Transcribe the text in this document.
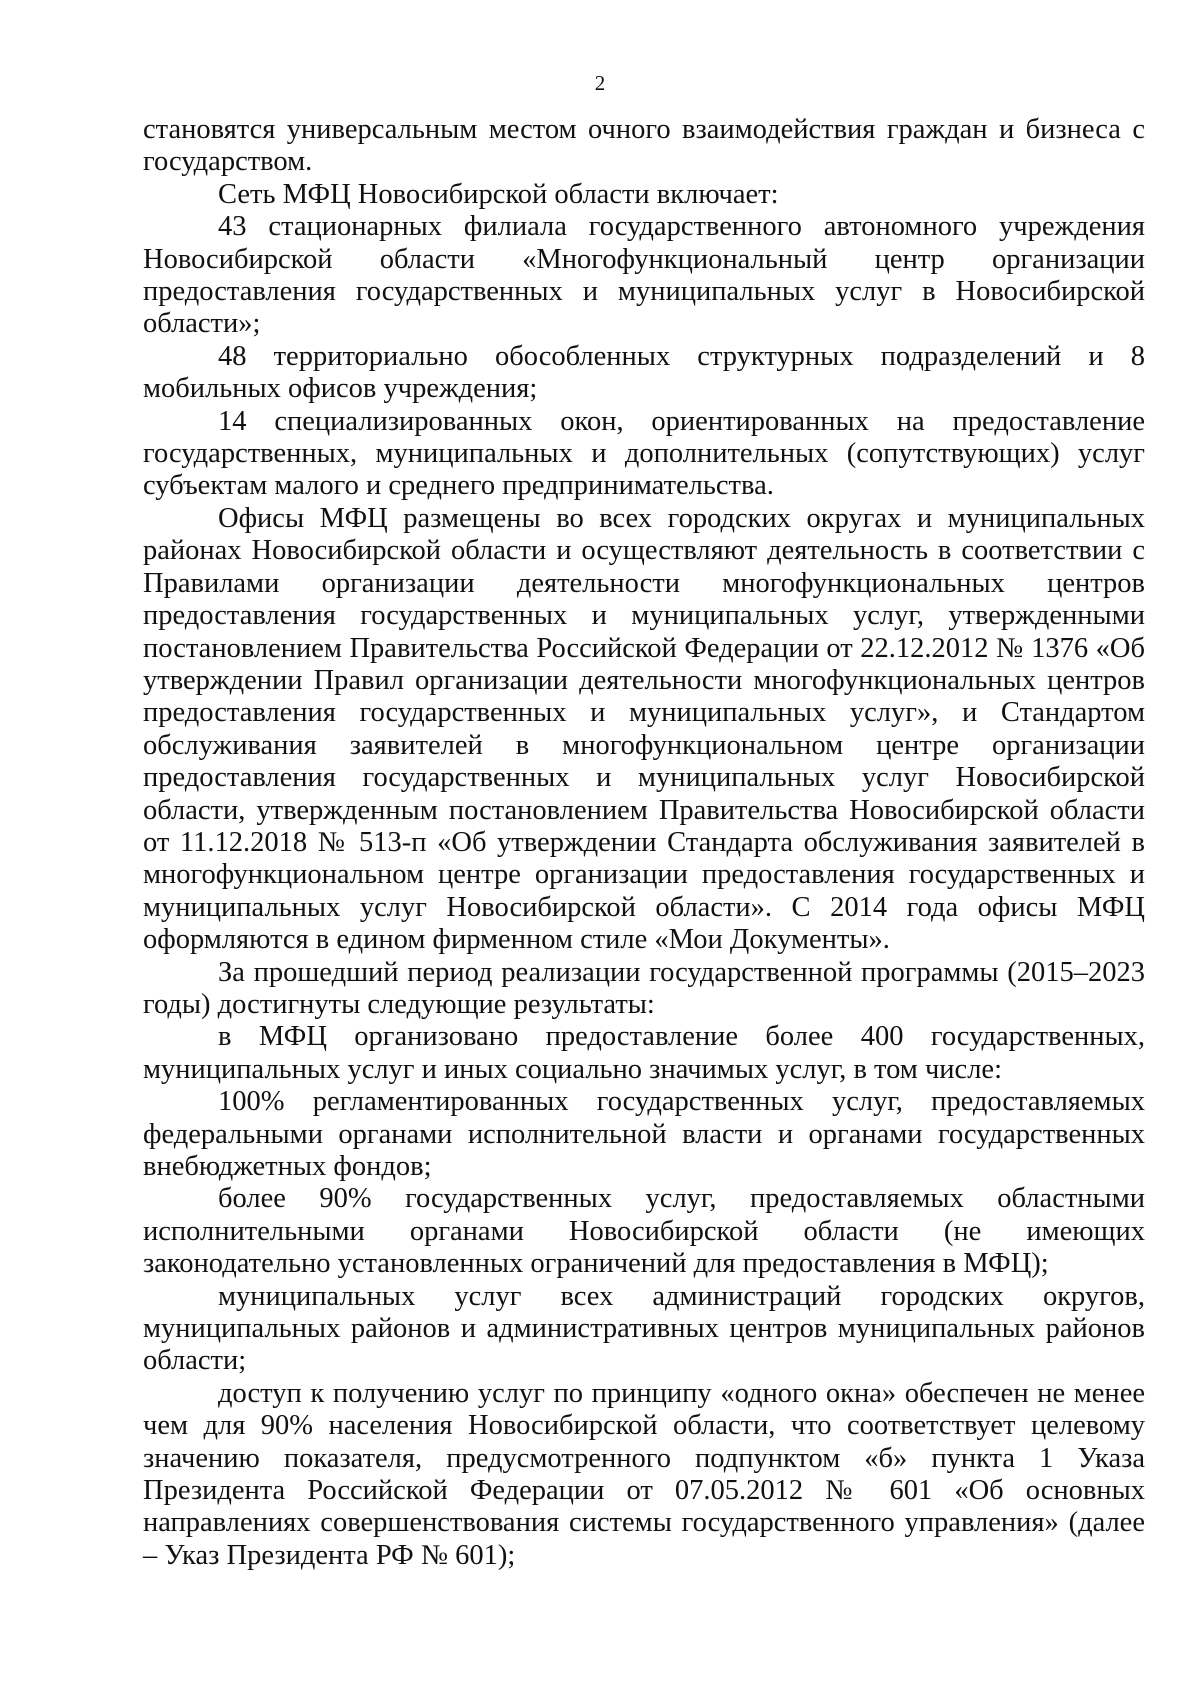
2

становятся универсальным местом очного взаимодействия граждан и бизнеса с государством.

Сеть МФЦ Новосибирской области включает:

43 стационарных филиала государственного автономного учреждения Новосибирской области «Многофункциональный центр организации предоставления государственных и муниципальных услуг в Новосибирской области»;

48 территориально обособленных структурных подразделений и 8 мобильных офисов учреждения;

14 специализированных окон, ориентированных на предоставление государственных, муниципальных и дополнительных (сопутствующих) услуг субъектам малого и среднего предпринимательства.

Офисы МФЦ размещены во всех городских округах и муниципальных районах Новосибирской области и осуществляют деятельность в соответствии с Правилами организации деятельности многофункциональных центров предоставления государственных и муниципальных услуг, утвержденными постановлением Правительства Российской Федерации от 22.12.2012 № 1376 «Об утверждении Правил организации деятельности многофункциональных центров предоставления государственных и муниципальных услуг», и Стандартом обслуживания заявителей в многофункциональном центре организации предоставления государственных и муниципальных услуг Новосибирской области, утвержденным постановлением Правительства Новосибирской области от 11.12.2018 № 513-п «Об утверждении Стандарта обслуживания заявителей в многофункциональном центре организации предоставления государственных и муниципальных услуг Новосибирской области». С 2014 года офисы МФЦ оформляются в едином фирменном стиле «Мои Документы».

За прошедший период реализации государственной программы (2015–2023 годы) достигнуты следующие результаты:

в МФЦ организовано предоставление более 400 государственных, муниципальных услуг и иных социально значимых услуг, в том числе:

100% регламентированных государственных услуг, предоставляемых федеральными органами исполнительной власти и органами государственных внебюджетных фондов;

более 90% государственных услуг, предоставляемых областными исполнительными органами Новосибирской области (не имеющих законодательно установленных ограничений для предоставления в МФЦ);

муниципальных услуг всех администраций городских округов, муниципальных районов и административных центров муниципальных районов области;

доступ к получению услуг по принципу «одного окна» обеспечен не менее чем для 90% населения Новосибирской области, что соответствует целевому значению показателя, предусмотренного подпунктом «б» пункта 1 Указа Президента Российской Федерации от 07.05.2012 № 601 «Об основных направлениях совершенствования системы государственного управления» (далее – Указ Президента РФ № 601);
